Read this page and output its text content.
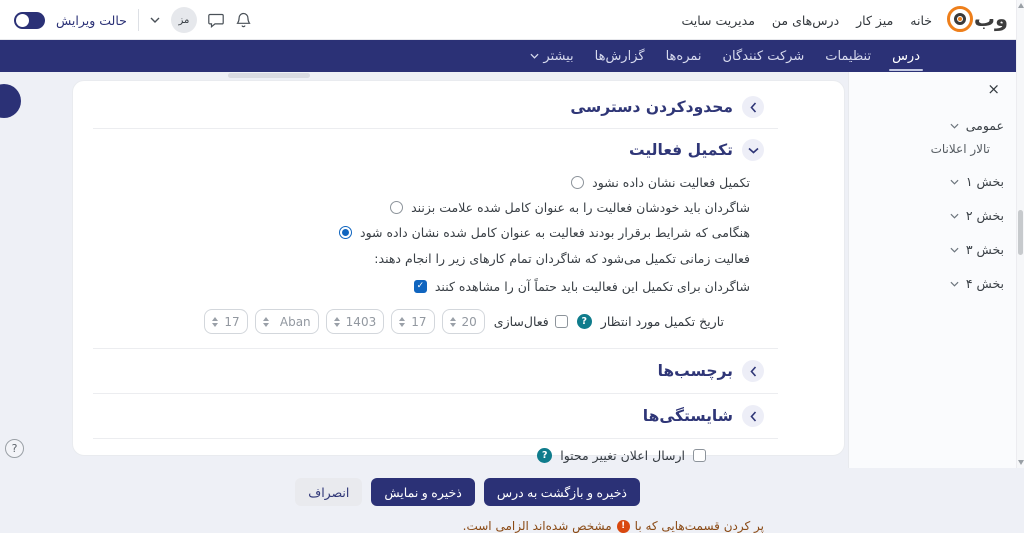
وب
خانه
میز کار
درس‌های من
مدیریت سایت
حالت ویرایش	مز
درس
تنظیمات
شرکت کنندگان
نمره‌ها
گزارش‌ها
بیشتر
محدودکردن دسترسی
تکمیل فعالیت
تکمیل فعالیت نشان داده نشود
شاگردان باید خودشان فعالیت را به عنوان کامل شده علامت بزنند
هنگامی که شرایط برقرار بودند فعالیت به عنوان کامل شده نشان داده شود
فعالیت زمانی تکمیل می‌شود که شاگردان تمام کارهای زیر را انجام دهند:
شاگردان برای تکمیل این فعالیت باید حتماً آن را مشاهده کنند
✓
تاریخ تکمیل مورد انتظار
?
فعال‌سازی
20
17
1403
Aban
17
برچسب‌ها
شایستگی‌ها
ارسال اعلان تغییر محتوا
?
ذخیره و بازگشت به درس
ذخیره و نمایش
انصراف
پر کردن قسمت‌هایی که با
!
مشخص شده‌اند الزامی است.
×
عمومی
تالار اعلانات
بخش ۱
بخش ۲
بخش ۳
بخش ۴
?
